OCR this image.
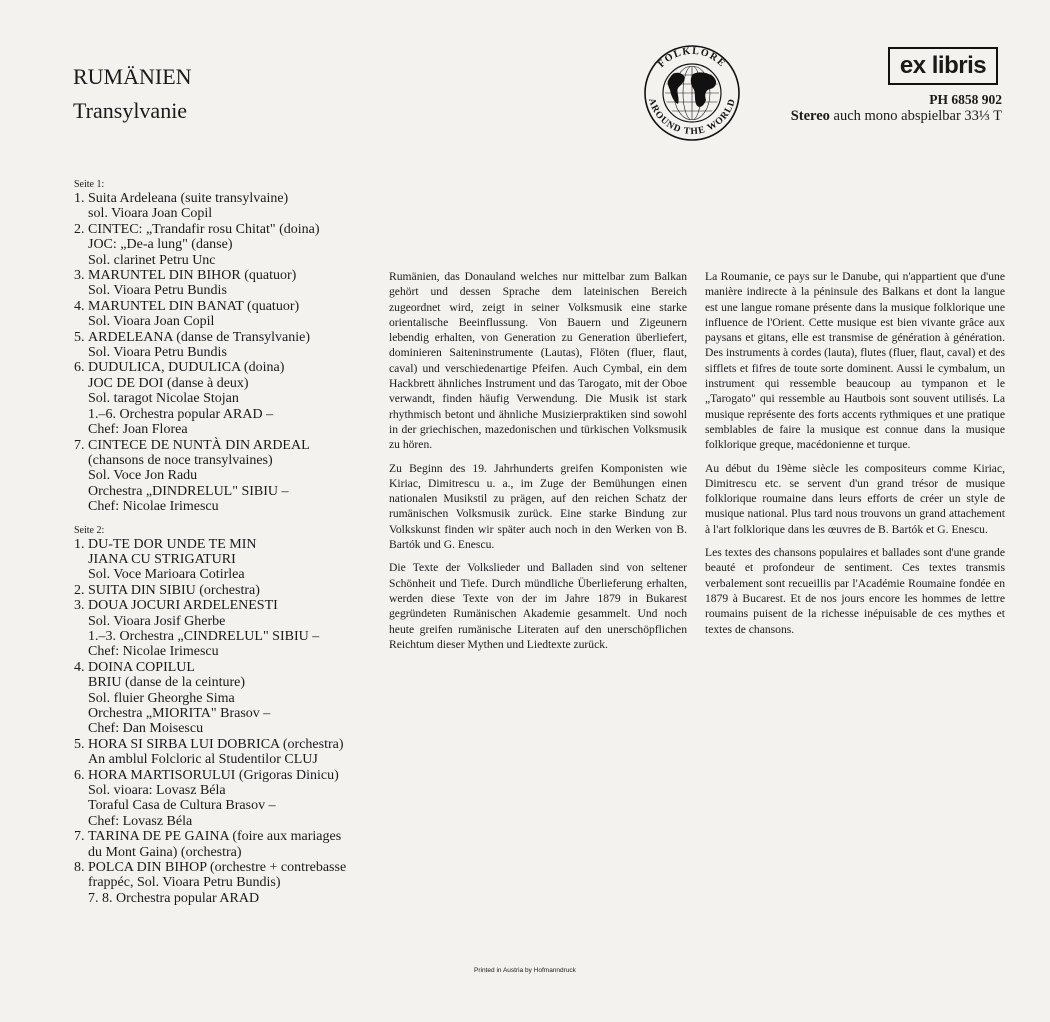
RUMÄNIEN
Transylvanie
FOLKLORE
AROUND THE WORLD
ex libris
PH 6858 902
Stereo auch mono abspielbar 33⅓ T

Seite 1:

1. Suita Ardeleana (suite transylvaine)
sol. Vioara Joan Copil
2. CINTEC: „Trandafir rosu Chitat" (doina)
JOC: „De-a lung" (danse)
Sol. clarinet Petru Unc
3. MARUNTEL DIN BIHOR (quatuor)
Sol. Vioara Petru Bundis
4. MARUNTEL DIN BANAT (quatuor)
Sol. Vioara Joan Copil
5. ARDELEANA (danse de Transylvanie)
Sol. Vioara Petru Bundis
6. DUDULICA, DUDULICA (doina)
JOC DE DOI (danse à deux)
Sol. taragot Nicolae Stojan
1.–6. Orchestra popular ARAD –
Chef: Joan Florea
7. CINTECE DE NUNTÀ DIN ARDEAL
(chansons de noce transylvaines)
Sol. Voce Jon Radu
Orchestra „DINDRELUL" SIBIU –
Chef: Nicolae Irimescu

Seite 2:

1. DU-TE DOR UNDE TE MIN
JIANA CU STRIGATURI
Sol. Voce Marioara Cotirlea
2. SUITA DIN SIBIU (orchestra)
3. DOUA JOCURI ARDELENESTI
Sol. Vioara Josif Gherbe
1.–3. Orchestra „CINDRELUL" SIBIU –
Chef: Nicolae Irimescu
4. DOINA COPILUL
BRIU (danse de la ceinture)
Sol. fluier Gheorghe Sima
Orchestra „MIORITA" Brasov –
Chef: Dan Moisescu
5. HORA SI SIRBA LUI DOBRICA (orchestra)
An amblul Folcloric al Studentilor CLUJ
6. HORA MARTISORULUI (Grigoras Dinicu)
Sol. vioara: Lovasz Béla
Toraful Casa de Cultura Brasov –
Chef: Lovasz Béla
7. TARINA DE PE GAINA (foire aux mariages
du Mont Gaina) (orchestra)
8. POLCA DIN BIHOP (orchestre + contrebasse
frappéc, Sol. Vioara Petru Bundis)
7. 8. Orchestra popular ARAD

Rumänien, das Donauland welches nur mittelbar zum Balkan gehört und dessen Sprache dem lateinischen Bereich zugeordnet wird, zeigt in seiner Volksmusik eine starke orientalische Beeinflussung. Von Bauern und Zigeunern lebendig erhalten, von Generation zu Generation überliefert, dominieren Saiteninstrumente (Lautas), Flöten (fluer, flaut, caval) und verschiedenartige Pfeifen. Auch Cymbal, ein dem Hackbrett ähnliches Instrument und das Tarogato, mit der Oboe verwandt, finden häufig Verwendung. Die Musik ist stark rhythmisch betont und ähnliche Musizierpraktiken sind sowohl in der griechischen, mazedonischen und türkischen Volksmusik zu hören.

Zu Beginn des 19. Jahrhunderts greifen Komponisten wie Kiriac, Dimitrescu u. a., im Zuge der Bemühungen einen nationalen Musikstil zu prägen, auf den reichen Schatz der rumänischen Volksmusik zurück. Eine starke Bindung zur Volkskunst finden wir später auch noch in den Werken von B. Bartók und G. Enescu.

Die Texte der Volkslieder und Balladen sind von seltener Schönheit und Tiefe. Durch mündliche Überlieferung erhalten, werden diese Texte von der im Jahre 1879 in Bukarest gegründeten Rumänischen Akademie gesammelt. Und noch heute greifen rumänische Literaten auf den unerschöpflichen Reichtum dieser Mythen und Liedtexte zurück.

La Roumanie, ce pays sur le Danube, qui n'appartient que d'une manière indirecte à la péninsule des Balkans et dont la langue est une langue romane présente dans la musique folklorique une influence de l'Orient. Cette musique est bien vivante grâce aux paysans et gitans, elle est transmise de génération à génération. Des instruments à cordes (lauta), flutes (fluer, flaut, caval) et des sifflets et fifres de toute sorte dominent. Aussi le cymbalum, un instrument qui ressemble beaucoup au tympanon et le „Tarogato" qui ressemble au Hautbois sont souvent utilisés. La musique représente des forts accents rythmiques et une pratique semblables de faire la musique est connue dans la musique folklorique greque, macédonienne et turque.

Au début du 19ème siècle les compositeurs comme Kiriac, Dimitrescu etc. se servent d'un grand trésor de musique folklorique roumaine dans leurs efforts de créer un style de musique national. Plus tard nous trouvons un grand attachement à l'art folklorique dans les œuvres de B. Bartók et G. Enescu.

Les textes des chansons populaires et ballades sont d'une grande beauté et profondeur de sentiment. Ces textes transmis verbalement sont recueillis par l'Académie Roumaine fondée en 1879 à Bucarest. Et de nos jours encore les hommes de lettre roumains puisent de la richesse inépuisable de ces mythes et textes de chansons.

Printed in Austria by Hofmanndruck
